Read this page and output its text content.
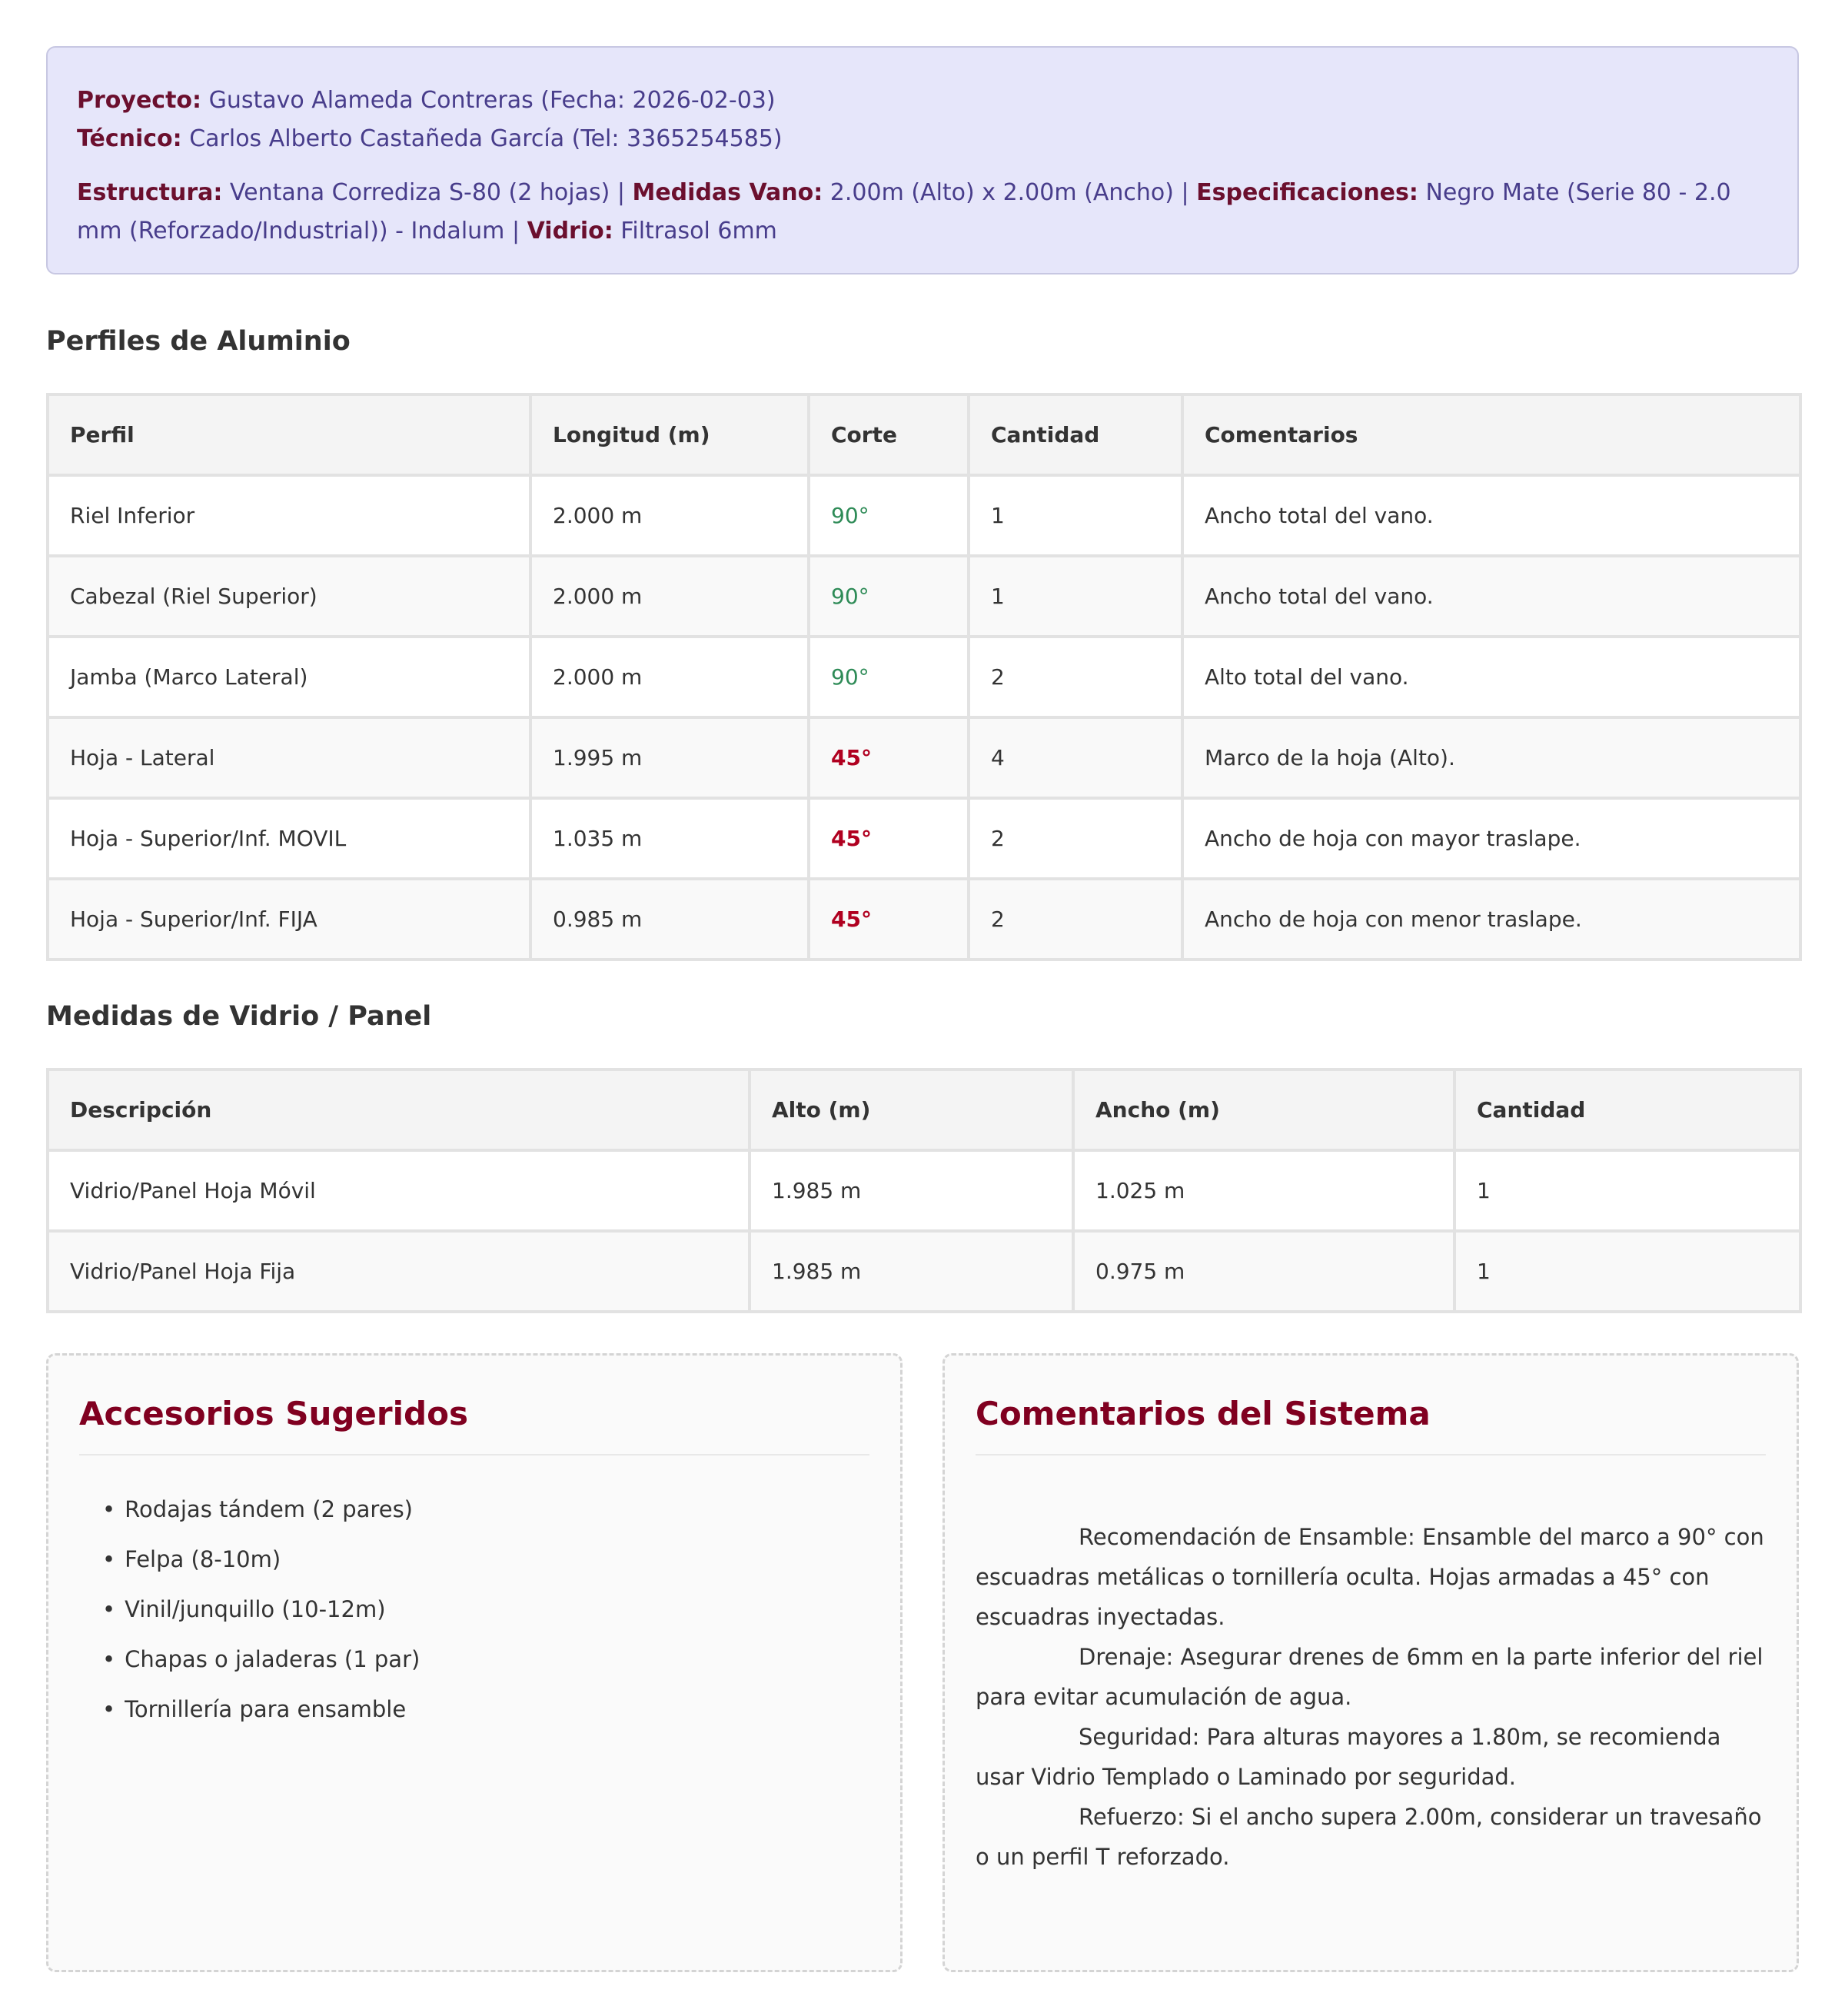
Proyecto: Gustavo Alameda Contreras (Fecha: 2026-02-03)
Técnico: Carlos Alberto Castañeda García (Tel: 3365254585)
Estructura: Ventana Corrediza S-80 (2 hojas) | Medidas Vano: 2.00m (Alto) x 2.00m (Ancho) | Especificaciones: Negro Mate (Serie 80 - 2.0 mm (Reforzado/Industrial)) - Indalum | Vidrio: Filtrasol 6mm
Perfiles de Aluminio
Perfil	Longitud (m)	Corte	Cantidad	Comentarios
Riel Inferior	2.000 m	90°	1	Ancho total del vano.
Cabezal (Riel Superior)	2.000 m	90°	1	Ancho total del vano.
Jamba (Marco Lateral)	2.000 m	90°	2	Alto total del vano.
Hoja - Lateral	1.995 m	45°	4	Marco de la hoja (Alto).
Hoja - Superior/Inf. MOVIL	1.035 m	45°	2	Ancho de hoja con mayor traslape.
Hoja - Superior/Inf. FIJA	0.985 m	45°	2	Ancho de hoja con menor traslape.
Medidas de Vidrio / Panel
Descripción	Alto (m)	Ancho (m)	Cantidad
Vidrio/Panel Hoja Móvil	1.985 m	1.025 m	1
Vidrio/Panel Hoja Fija	1.985 m	0.975 m	1
Accesorios Sugeridos
• Rodajas tándem (2 pares)
• Felpa (8-10m)
• Vinil/junquillo (10-12m)
• Chapas o jaladeras (1 par)
• Tornillería para ensamble
Comentarios del Sistema

Recomendación de Ensamble: Ensamble del marco a 90° con escuadras metálicas o tornillería oculta. Hojas armadas a 45° con escuadras inyectadas.

Drenaje: Asegurar drenes de 6mm en la parte inferior del riel para evitar acumulación de agua.

Seguridad: Para alturas mayores a 1.80m, se recomienda usar Vidrio Templado o Laminado por seguridad.

Refuerzo: Si el ancho supera 2.00m, considerar un travesaño o un perfil T reforzado.
